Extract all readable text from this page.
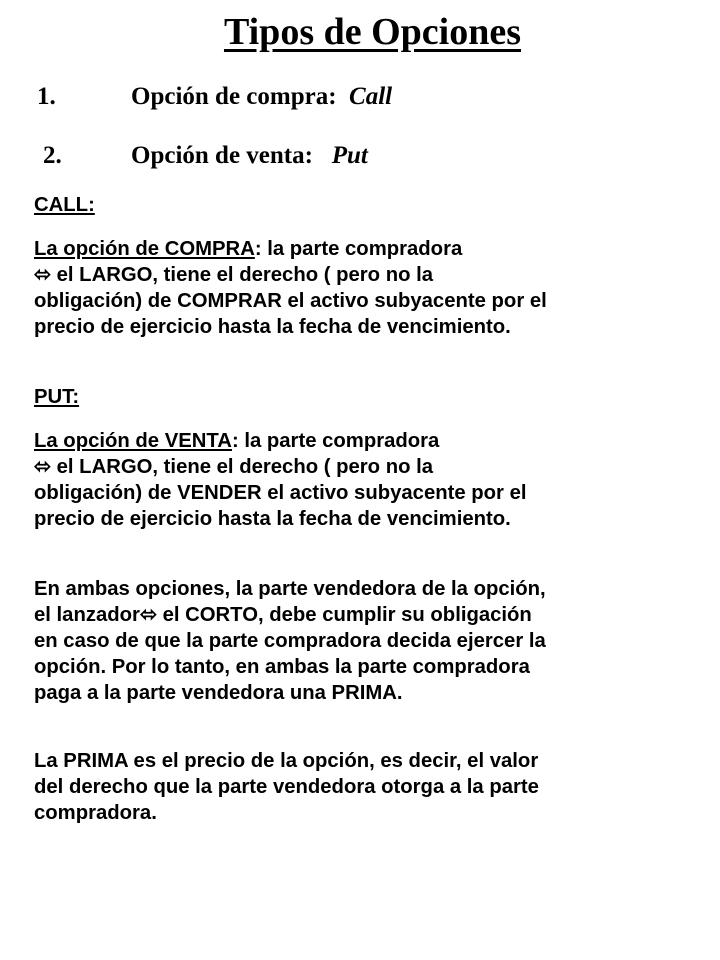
Tipos de Opciones
1.	Opción de compra: Call
2.	Opción de venta: Put
CALL:
La opción de COMPRA: la parte compradora
⬄ el LARGO, tiene el derecho ( pero no la
obligación) de COMPRAR el activo subyacente por el
precio de ejercicio hasta la fecha de vencimiento.
PUT:
La opción de VENTA: la parte compradora
⬄ el LARGO, tiene el derecho ( pero no la
obligación) de VENDER el activo subyacente por el
precio de ejercicio hasta la fecha de vencimiento.
En ambas opciones, la parte vendedora de la opción,
el lanzador⬄ el CORTO, debe cumplir su obligación
en caso de que la parte compradora decida ejercer la
opción. Por lo tanto, en ambas la parte compradora
paga a la parte vendedora una PRIMA.
La PRIMA es el precio de la opción, es decir, el valor
del derecho que la parte vendedora otorga a la parte
compradora.
